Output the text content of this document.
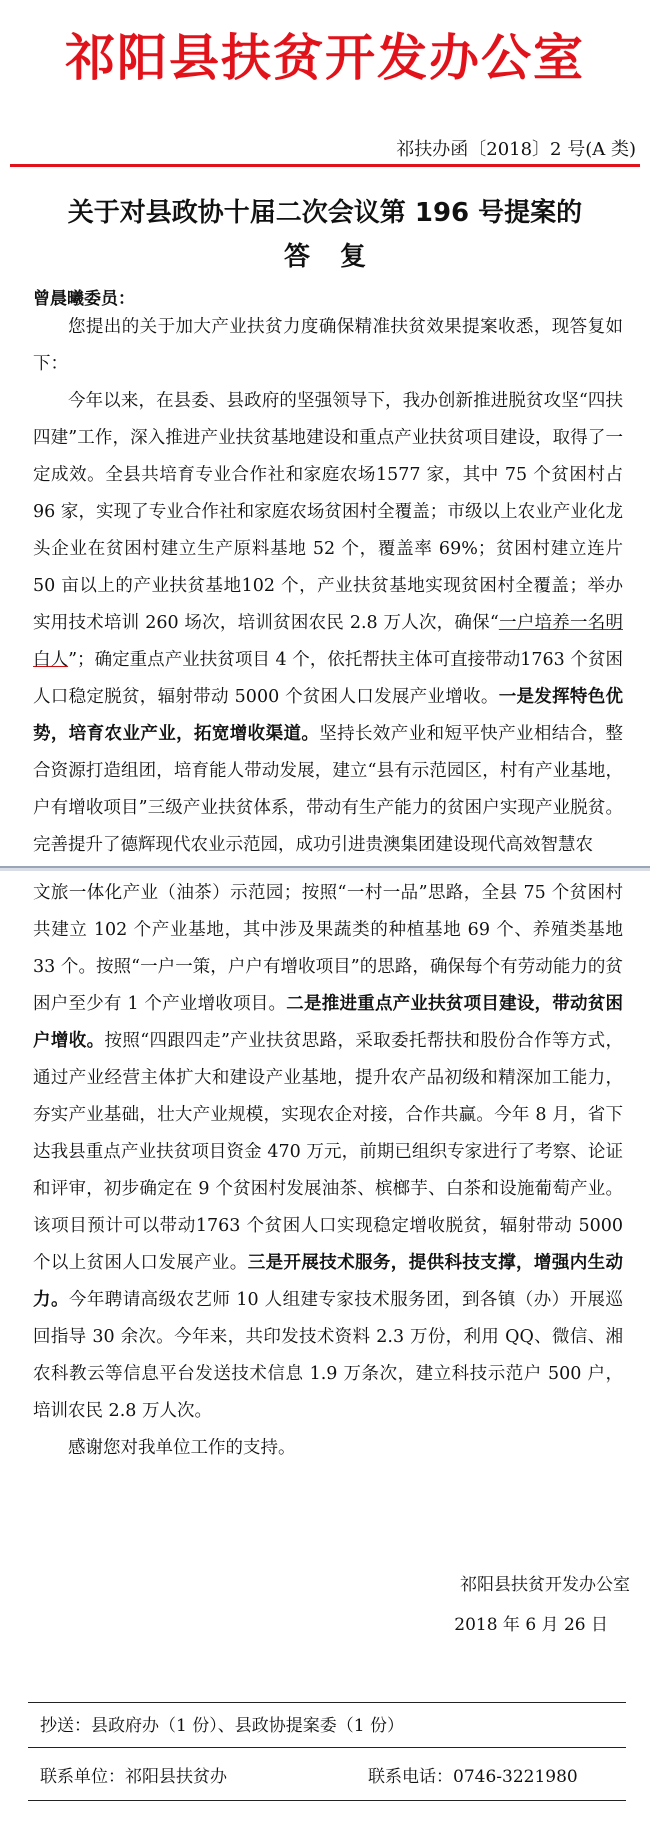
祁阳县扶贫开发办公室
祁扶办函〔2018〕2 号(A 类)
关于对县政协十届二次会议第 196 号提案的
答复
曾晨曦委员：

您提出的关于加大产业扶贫力度确保精准扶贫效果提案收悉，现答复如下：

今年以来，在县委、县政府的坚强领导下，我办创新推进脱贫攻坚“四扶四建”工作，深入推进产业扶贫基地建设和重点产业扶贫项目建设，取得了一定成效。全县共培育专业合作社和家庭农场1577 家，其中 75 个贫困村占 96 家，实现了专业合作社和家庭农场贫困村全覆盖；市级以上农业产业化龙头企业在贫困村建立生产原料基地 52 个，覆盖率 69%；贫困村建立连片 50 亩以上的产业扶贫基地102 个，产业扶贫基地实现贫困村全覆盖；举办实用技术培训 260 场次，培训贫困农民 2.8 万人次，确保“一户培养一名明白人”；确定重点产业扶贫项目 4 个，依托帮扶主体可直接带动1763 个贫困人口稳定脱贫，辐射带动 5000 个贫困人口发展产业增收。一是发挥特色优势，培育农业产业，拓宽增收渠道。坚持长效产业和短平快产业相结合，整合资源打造组团，培育能人带动发展，建立“县有示范园区，村有产业基地，户有增收项目”三级产业扶贫体系，带动有生产能力的贫困户实现产业脱贫。完善提升了德辉现代农业示范园，成功引进贵澳集团建设现代高效智慧农

文旅一体化产业（油茶）示范园；按照“一村一品”思路，全县 75 个贫困村共建立 102 个产业基地，其中涉及果蔬类的种植基地 69 个、养殖类基地 33 个。按照“一户一策，户户有增收项目”的思路，确保每个有劳动能力的贫困户至少有 1 个产业增收项目。二是推进重点产业扶贫项目建设，带动贫困户增收。按照“四跟四走”产业扶贫思路，采取委托帮扶和股份合作等方式，通过产业经营主体扩大和建设产业基地，提升农产品初级和精深加工能力，夯实产业基础，壮大产业规模，实现农企对接，合作共赢。今年 8 月，省下达我县重点产业扶贫项目资金 470 万元，前期已组织专家进行了考察、论证和评审，初步确定在 9 个贫困村发展油茶、槟榔芋、白茶和设施葡萄产业。该项目预计可以带动1763 个贫困人口实现稳定增收脱贫，辐射带动 5000 个以上贫困人口发展产业。三是开展技术服务，提供科技支撑，增强内生动力。今年聘请高级农艺师 10 人组建专家技术服务团，到各镇（办）开展巡回指导 30 余次。今年来，共印发技术资料 2.3 万份，利用 QQ、微信、湘农科教云等信息平台发送技术信息 1.9 万条次，建立科技示范户 500 户，培训农民 2.8 万人次。

感谢您对我单位工作的支持。

祁阳县扶贫开发办公室
2018 年 6 月 26 日
抄送：县政府办（1 份）、县政协提案委（1 份）
联系单位：祁阳县扶贫办	联系电话：0746-3221980
